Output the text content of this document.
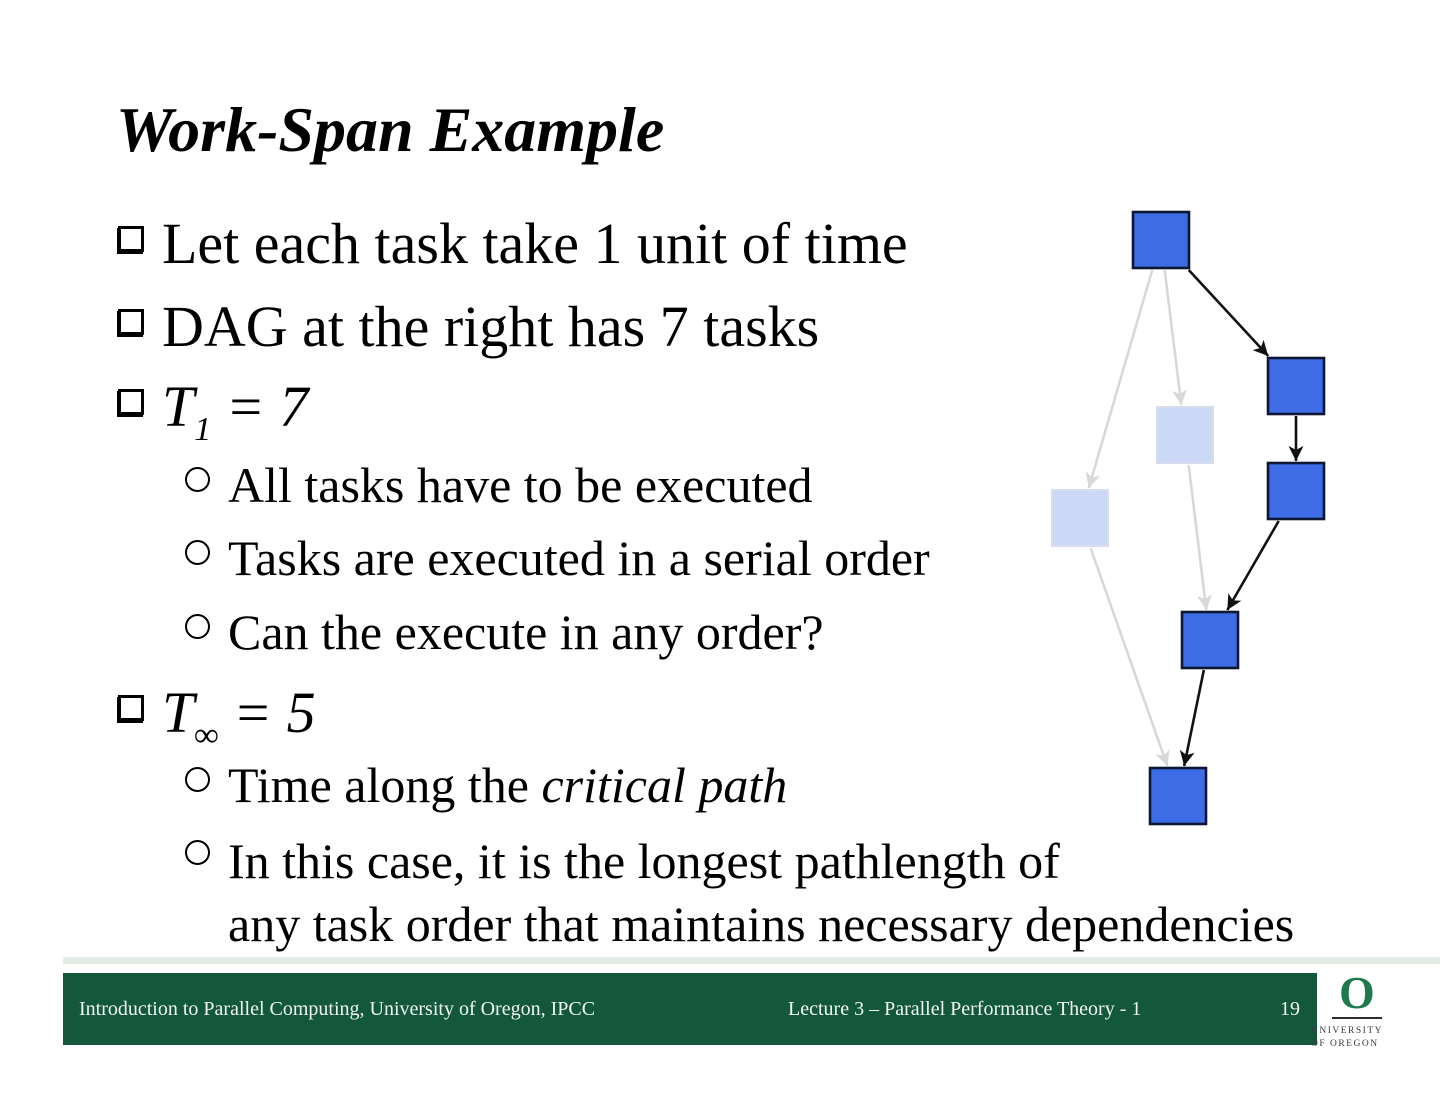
Work-Span Example
Let each task take 1 unit of time
DAG at the right has 7 tasks
$T_1 = 7$
All tasks have to be executed
Tasks are executed in a serial order
Can the execute in any order?
$T_\infty = 5$
Time along the critical path
In this case, it is the longest pathlength of
any task order that maintains necessary dependencies
Introduction to Parallel Computing, University of Oregon, IPCC	Lecture 3 – Parallel Performance Theory - 1	19 O
UNIVERSITY
OF OREGON
